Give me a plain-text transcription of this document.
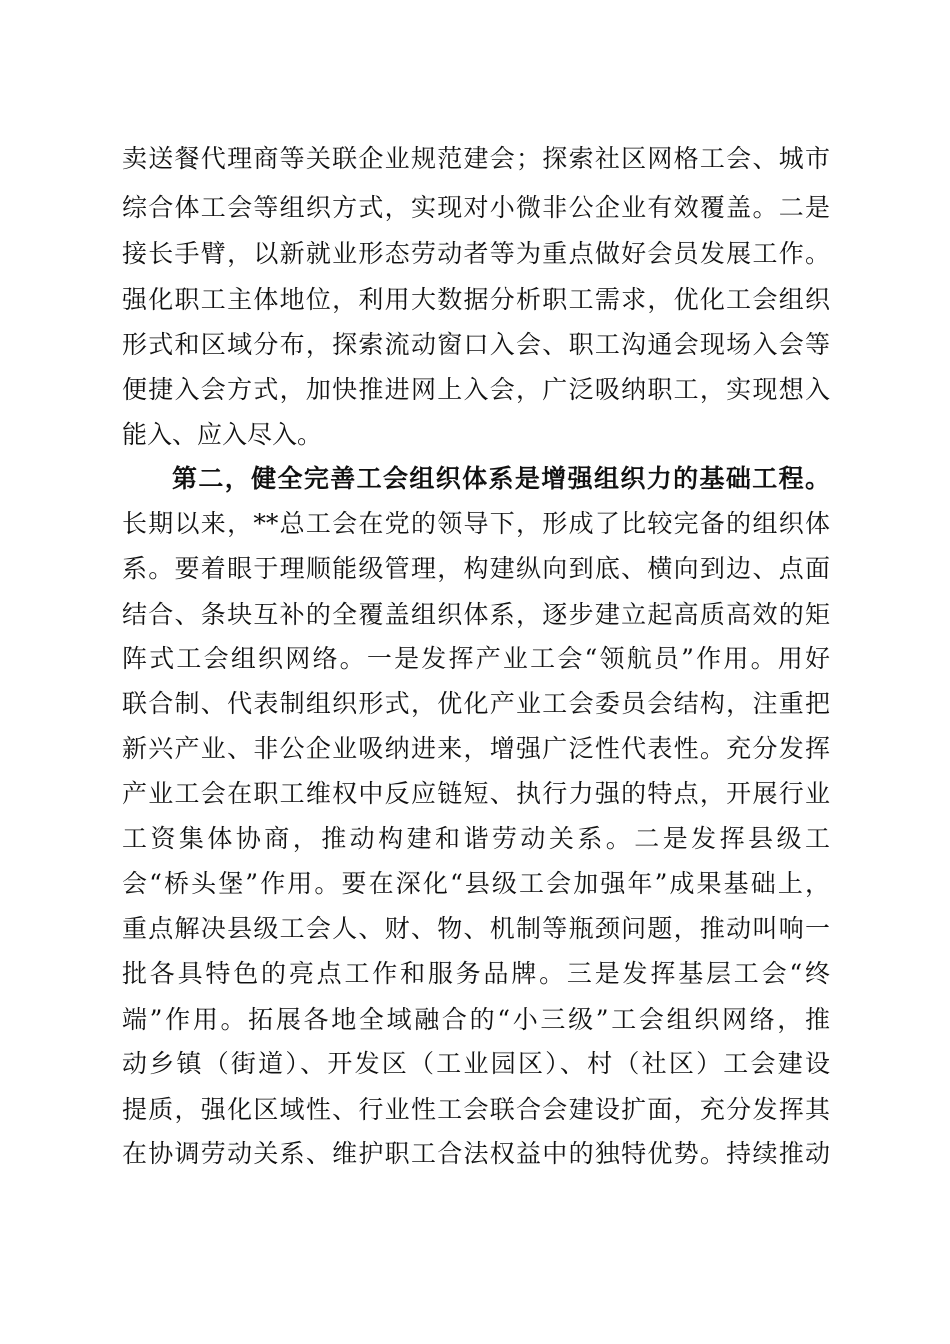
卖送餐代理商等关联企业规范建会；探索社区网格工会、城市
综合体工会等组织方式，实现对小微非公企业有效覆盖。二是
接长手臂，以新就业形态劳动者等为重点做好会员发展工作。
强化职工主体地位，利用大数据分析职工需求，优化工会组织
形式和区域分布，探索流动窗口入会、职工沟通会现场入会等
便捷入会方式，加快推进网上入会，广泛吸纳职工，实现想入
能入、应入尽入。
第二，健全完善工会组织体系是增强组织力的基础工程。
长期以来，**总工会在党的领导下，形成了比较完备的组织体
系。要着眼于理顺能级管理，构建纵向到底、横向到边、点面
结合、条块互补的全覆盖组织体系，逐步建立起高质高效的矩
阵式工会组织网络。一是发挥产业工会“领航员”作用。用好
联合制、代表制组织形式，优化产业工会委员会结构，注重把
新兴产业、非公企业吸纳进来，增强广泛性代表性。充分发挥
产业工会在职工维权中反应链短、执行力强的特点，开展行业
工资集体协商，推动构建和谐劳动关系。二是发挥县级工
会“桥头堡”作用。要在深化“县级工会加强年”成果基础上，
重点解决县级工会人、财、物、机制等瓶颈问题，推动叫响一
批各具特色的亮点工作和服务品牌。三是发挥基层工会“终
端”作用。拓展各地全域融合的“小三级”工会组织网络，推
动乡镇（街道）、开发区（工业园区）、村（社区）工会建设
提质，强化区域性、行业性工会联合会建设扩面，充分发挥其
在协调劳动关系、维护职工合法权益中的独特优势。持续推动
